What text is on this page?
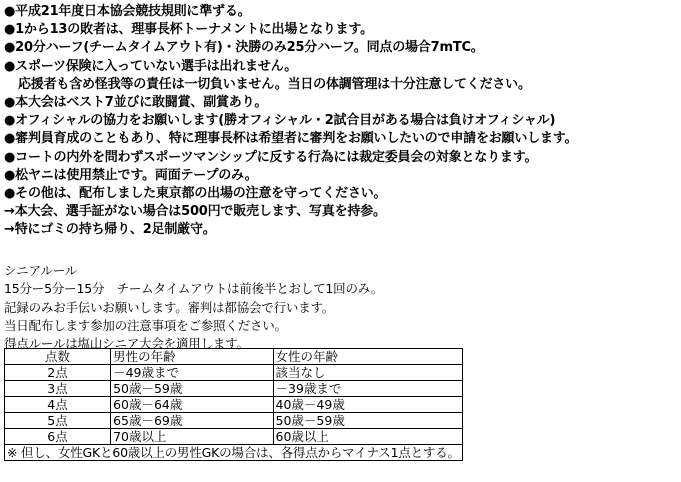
●平成21年度日本協会競技規則に準ずる。
●1から13の敗者は、理事長杯トーナメントに出場となります。
●20分ハーフ(チームタイムアウト有)・決勝のみ25分ハーフ。同点の場合7mTC。
●スポーツ保険に入っていない選手は出れません。
応援者も含め怪我等の責任は一切負いません。当日の体調管理は十分注意してください。
●本大会はベスト7並びに敢闘賞、副賞あり。
●オフィシャルの協力をお願いします(勝オフィシャル・2試合目がある場合は負けオフィシャル)
●審判員育成のこともあり、特に理事長杯は希望者に審判をお願いしたいので申請をお願いします。
●コートの内外を問わずスポーツマンシップに反する行為には裁定委員会の対象となります。
●松ヤニは使用禁止です。両面テープのみ。
●その他は、配布しました東京都の出場の注意を守ってください。
→本大会、選手証がない場合は500円で販売します、写真を持参。
→特にゴミの持ち帰り、2足制厳守。
シニアルール
15分ー5分ー15分　チームタイムアウトは前後半とおして1回のみ。
記録のみお手伝いお願いします。審判は都協会で行います。
当日配布します参加の注意事項をご参照ください。
得点ルールは塩山シニア大会を適用します。
点数	男性の年齢	女性の年齢
2点	－49歳まで	該当なし
3点	50歳－59歳	－39歳まで
4点	60歳－64歳	40歳－49歳
5点	65歳－69歳	50歳－59歳
6点	70歳以上	60歳以上
※ 但し、女性GKと60歳以上の男性GKの場合は、各得点からマイナス1点とする。		
